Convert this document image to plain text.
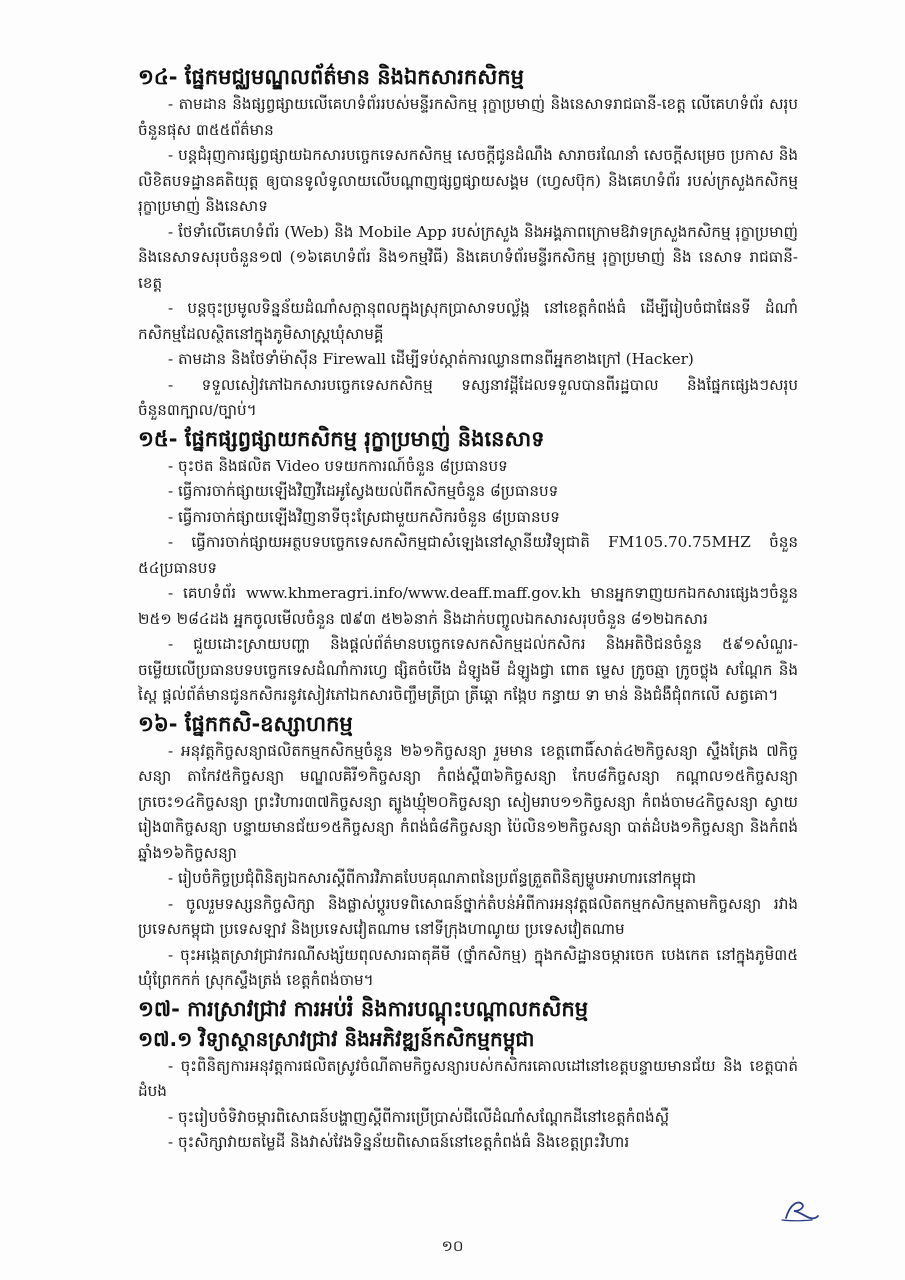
១៤- ផ្នែកមជ្ឈមណ្ឌលព័ត៌មាន និងឯកសារកសិកម្ម

- តាមដាន និងផ្សព្វផ្សាយលើគេហទំព័ររបស់មន្ទីរកសិកម្ម រុក្ខាប្រមាញ់ និងនេសាទរាជធានី-ខេត្ត លើគេហទំព័រ សរុបចំនួនផុស ៣៥៥ព័ត៌មាន

- បន្តជំរុញការផ្សព្វផ្សាយឯកសារបច្ចេកទេសកសិកម្ម សេចក្តីជូនដំណឹង សារាចរណែនាំ សេចក្តីសម្រេច ប្រកាស និងលិខិតបទដ្ឋានគតិយុត្ត ឲ្យបានទូលំទូលាយលើបណ្តាញផ្សព្វផ្សាយសង្គម (ហ្វេសប៊ុក) និងគេហទំព័រ របស់ក្រសួងកសិកម្ម រុក្ខាប្រមាញ់ និងនេសាទ

- ថែទាំលើគេហទំព័រ (Web) និង Mobile App របស់ក្រសួង និងអង្គភាពក្រោមឱវាទក្រសួងកសិកម្ម រុក្ខាប្រមាញ់ និងនេសាទសរុបចំនួន១៧ (១៦គេហទំព័រ និង១កម្មវិធី) និងគេហទំព័រមន្ទីរកសិកម្ម រុក្ខាប្រមាញ់ និង នេសាទ រាជធានី-ខេត្ត

- បន្តចុះប្រមូលទិន្នន័យដំណាំសក្តានុពលក្នុងស្រុកប្រាសាទបល្ល័ង្ក នៅខេត្តកំពង់ធំ ដើម្បីរៀបចំជាផែនទី ដំណាំកសិកម្មដែលស្ថិតនៅក្នុងភូមិសាស្ត្រឃុំសាមគ្គី

- តាមដាន និងថែទាំម៉ាស៊ីន Firewall ដើម្បីទប់ស្កាត់ការឈ្លានពានពីអ្នកខាងក្រៅ (Hacker)

- ទទួលសៀវភៅឯកសារបច្ចេកទេសកសិកម្ម ទស្សនាវដ្តីដែលទទួលបានពីរដ្ឋបាល និងផ្នែកផ្សេងៗសរុប ចំនួន៣ក្បាល/ច្បាប់។

១៥- ផ្នែកផ្សព្វផ្សាយកសិកម្ម រុក្ខាប្រមាញ់ និងនេសាទ

- ចុះថត និងផលិត Video បទយកការណ៍ចំនួន ៨ប្រធានបទ

- ធ្វើការចាក់ផ្សាយឡើងវិញវីដេអូស្វែងយល់ពីកសិកម្មចំនួន ៨ប្រធានបទ

- ធ្វើការចាក់ផ្សាយឡើងវិញនាទីចុះស្រែជាមួយកសិករចំនួន ៨ប្រធានបទ

- ធ្វើការចាក់ផ្សាយអត្ថបទបច្ចេកទេសកសិកម្មជាសំឡេងនៅស្ថានីយវិទ្យុជាតិ FM105.70.75MHZ ចំនួន ៥៤ប្រធានបទ

- គេហទំព័រ www.khmeragri.info/www.deaff.maff.gov.kh មានអ្នកទាញយកឯកសារផ្សេងៗចំនួន ២៥១ ២៨៤ដង អ្នកចូលមើលចំនួន ៧៩៣ ៥២៦នាក់ និងដាក់បញ្ចូលឯកសារសរុបចំនួន ៨១២ឯកសារ

- ជួយដោះស្រាយបញ្ហា និងផ្តល់ព័ត៌មានបច្ចេកទេសកសិកម្មដល់កសិករ និងអតិថិជនចំនួន ៥៩១សំណួរ- ចម្លើយលើប្រធានបទបច្ចេកទេសដំណាំការហ្វេ ផ្សិតចំបើង ដំឡូងមី ដំឡូងជ្វា ពោត ម្ទេស ក្រូចឆ្មា ក្រូចថ្លុង សណ្តែក និងស្ពៃ ផ្តល់ព័ត៌មានជូនកសិករនូវសៀវភៅឯកសារចិញ្ចឹមត្រីប្រា ត្រីឆ្តោ កង្កែប កន្ធាយ ទា មាន់ និងជំងឺជុំពកលើ សត្វគោ។

១៦- ផ្នែកកសិ-ឧស្សាហកម្ម

- អនុវត្តកិច្ចសន្យាផលិតកម្មកសិកម្មចំនួន ២៦១កិច្ចសន្យា រួមមាន ខេត្តពោធិ៍សាត់៤២កិច្ចសន្យា ស្ទឹងត្រែង ៧កិច្ចសន្យា តាកែវ៥កិច្ចសន្យា មណ្ឌលគិរី១កិច្ចសន្យា កំពង់ស្ពឺ៣៦កិច្ចសន្យា កែប៨កិច្ចសន្យា កណ្តាល១៥កិច្ចសន្យា ក្រចេះ១៤កិច្ចសន្យា ព្រះវិហារ៣៧កិច្ចសន្យា ត្បូងឃ្មុំ២០កិច្ចសន្យា សៀមរាប១១កិច្ចសន្យា កំពង់ចាម៤កិច្ចសន្យា ស្វាយរៀង៣កិច្ចសន្យា បន្ទាយមានជ័យ១៥កិច្ចសន្យា កំពង់ធំ៨កិច្ចសន្យា ប៉ៃលិន១២កិច្ចសន្យា បាត់ដំបង១កិច្ចសន្យា និងកំពង់ឆ្នាំង១៦កិច្ចសន្យា

- រៀបចំកិច្ចប្រជុំពិនិត្យឯកសារស្តីពីការវិភាគបែបគុណភាពនៃប្រព័ន្ធត្រួតពិនិត្យម្ហូបអាហារនៅកម្ពុជា

- ចូលរួមទស្សនកិច្ចសិក្សា និងផ្លាស់ប្តូរបទពិសោធន៍ថ្នាក់តំបន់អំពីការអនុវត្តផលិតកម្មកសិកម្មតាមកិច្ចសន្យា រវាងប្រទេសកម្ពុជា ប្រទេសឡាវ និងប្រទេសវៀតណាម នៅទីក្រុងហាណូយ ប្រទេសវៀតណាម

- ចុះអង្កេតស្រាវជ្រាវករណីសង្ស័យពុលសារធាតុគីមី (ថ្នាំកសិកម្ម) ក្នុងកសិដ្ឋានចម្ការចេក បេងកេត នៅក្នុងភូមិ៣៥ ឃុំព្រែកកក់ ស្រុកស្ទឹងត្រង់ ខេត្តកំពង់ចាម។

១៧- ការស្រាវជ្រាវ ការអប់រំ និងការបណ្តុះបណ្តាលកសិកម្ម
១៧.១ វិទ្យាស្ថានស្រាវជ្រាវ និងអភិវឌ្ឍន៍កសិកម្មកម្ពុជា

- ចុះពិនិត្យការអនុវត្តការផលិតស្រូវចំណីតាមកិច្ចសន្យារបស់កសិករគោលដៅនៅខេត្តបន្ទាយមានជ័យ និង ខេត្តបាត់ដំបង

- ចុះរៀបចំទិវាចម្ការពិសោធន៍បង្ហាញស្តីពីការប្រើប្រាស់ជីលើដំណាំសណ្តែកដីនៅខេត្តកំពង់ស្ពឺ

- ចុះសិក្សាវាយតម្លៃដី និងវាស់វែងទិន្នន័យពិសោធន៍នៅខេត្តកំពង់ធំ និងខេត្តព្រះវិហារ

១០
